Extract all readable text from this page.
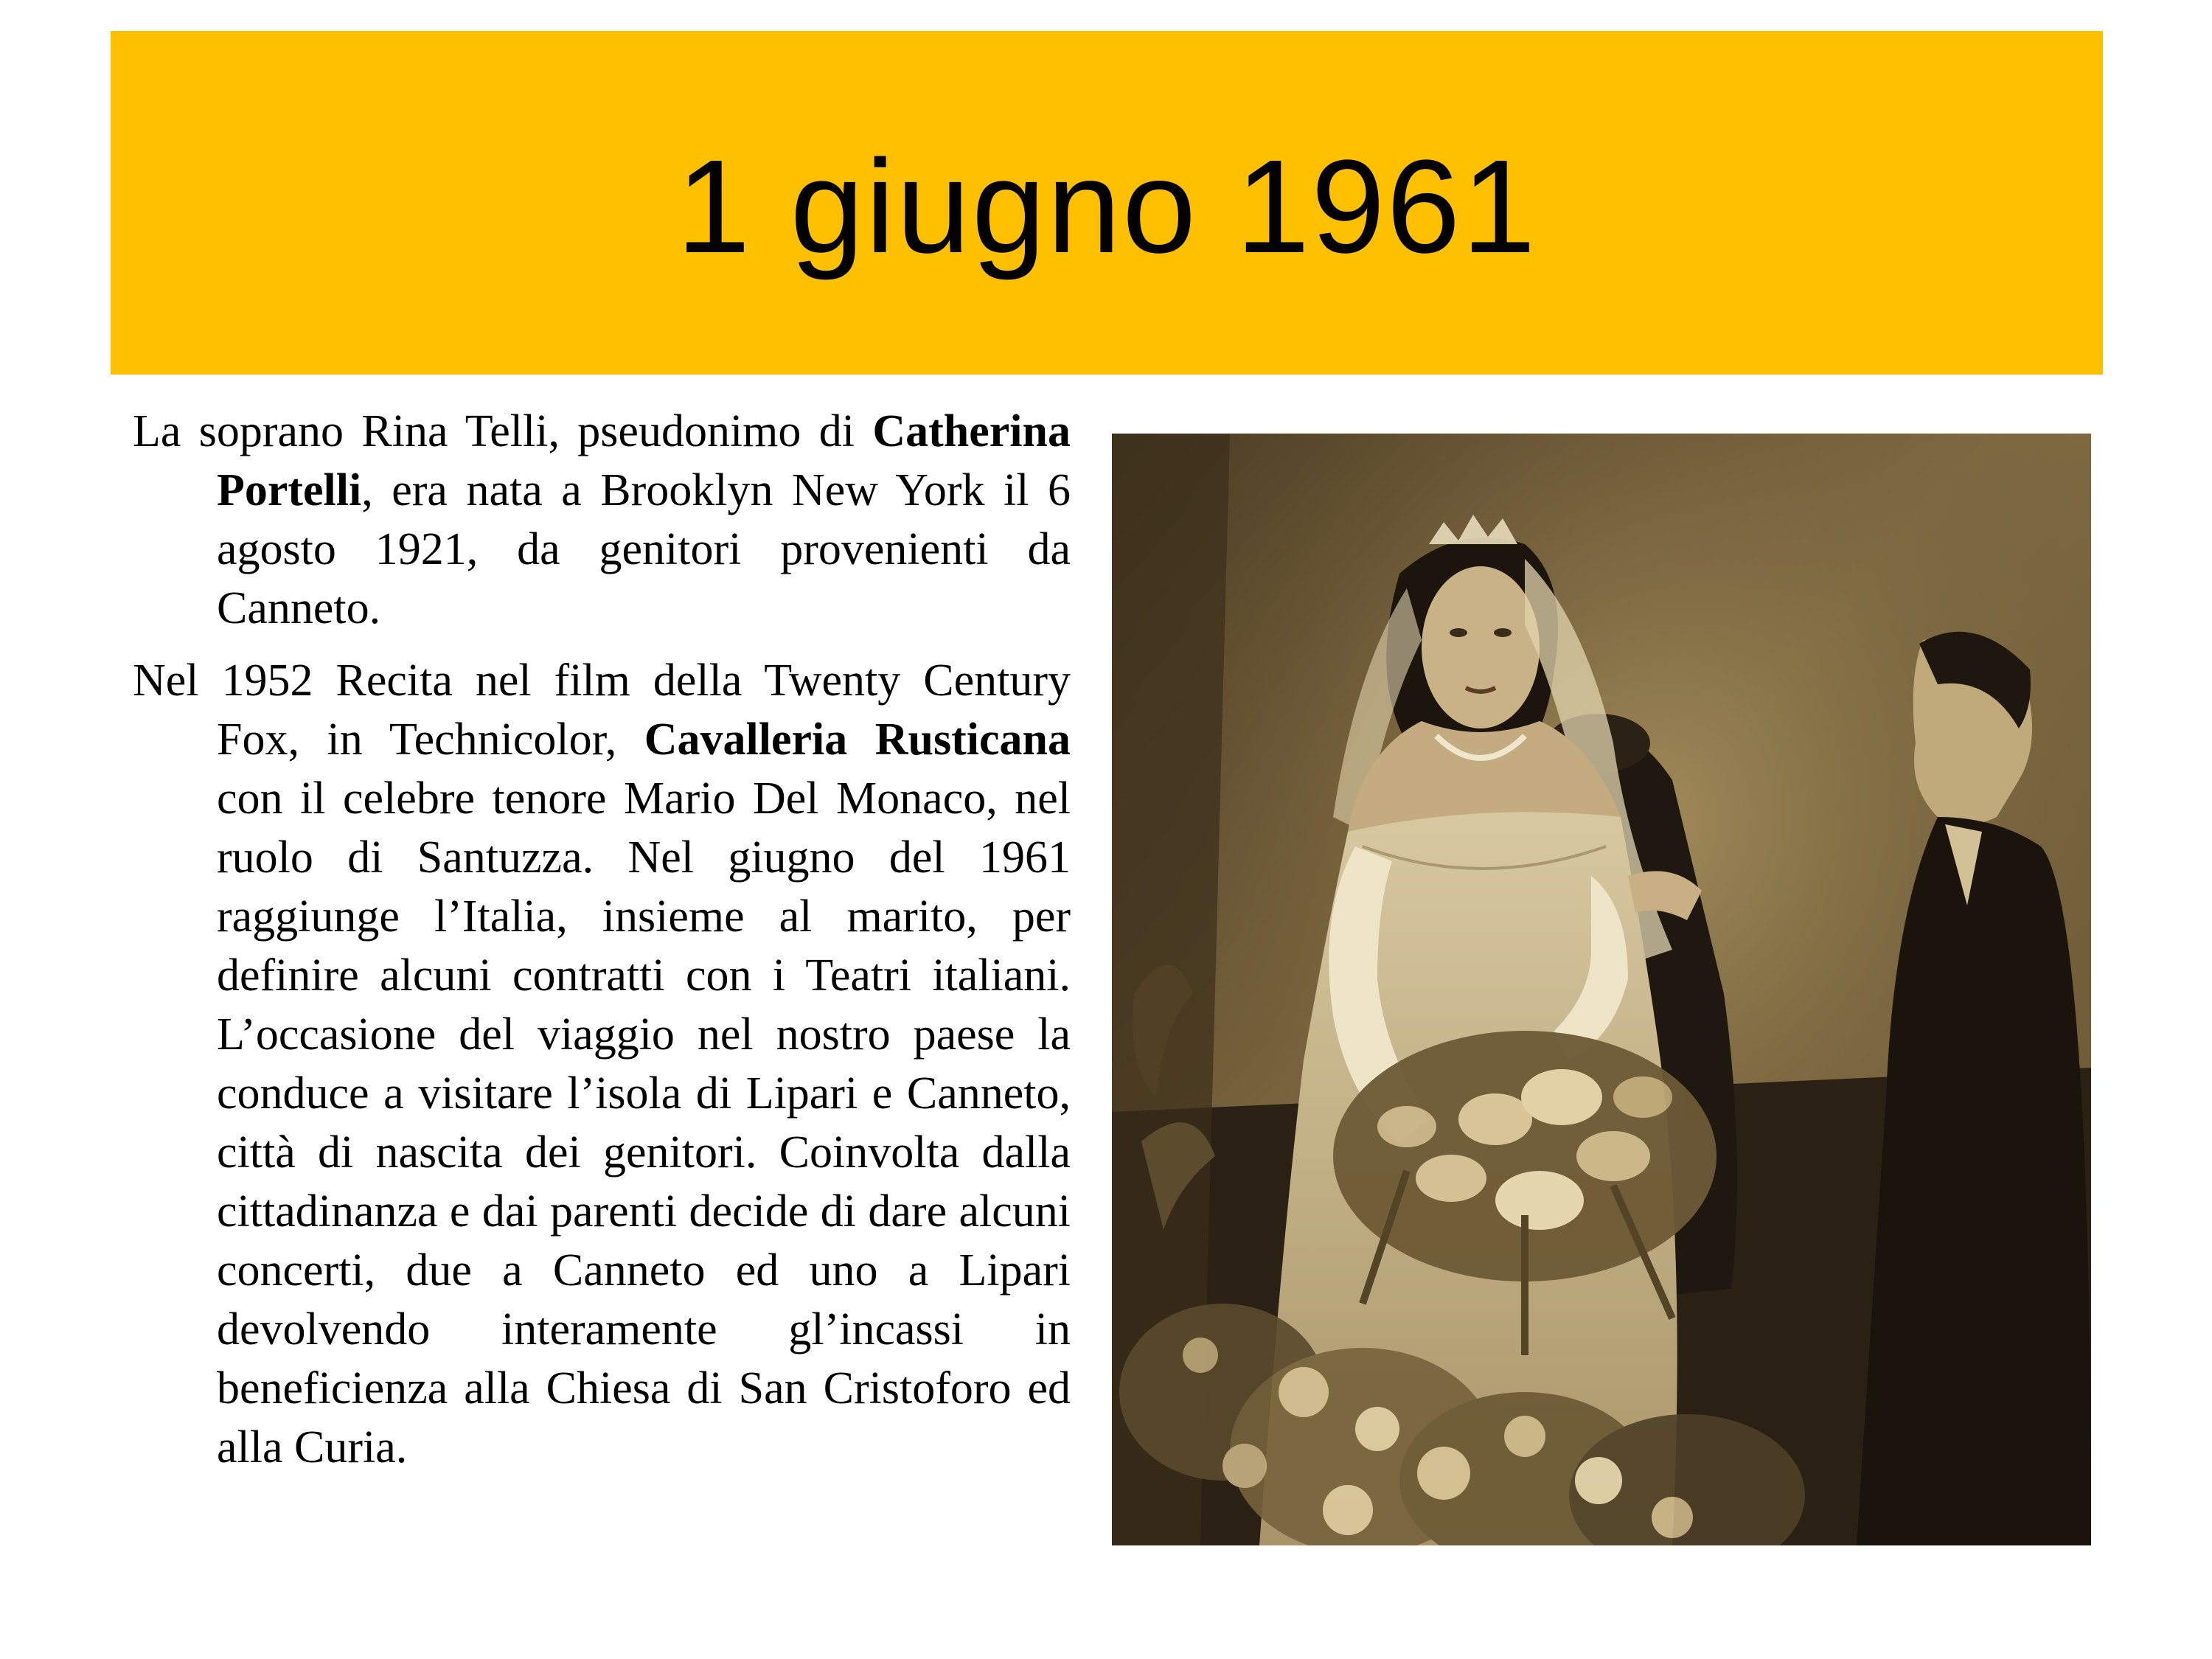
1 giugno 1961

La soprano Rina Telli, pseudonimo di Catherina Portelli, era nata a Brooklyn New York il 6 agosto 1921, da genitori provenienti da Canneto.

Nel 1952 Recita nel film della Twenty Century Fox, in Technicolor, Cavalleria Rusticana con il celebre tenore Mario Del Monaco, nel ruolo di Santuzza. Nel giugno del 1961 raggiunge l’Italia, insieme al marito, per definire alcuni contratti con i Teatri italiani. L’occasione del viaggio nel nostro paese la conduce a visitare l’isola di Lipari e Canneto, città di nascita dei genitori. Coinvolta dalla cittadinanza e dai parenti decide di dare alcuni concerti, due a Canneto ed uno a Lipari devolvendo interamente gl’incassi in beneficienza alla Chiesa di San Cristoforo ed alla Curia.
